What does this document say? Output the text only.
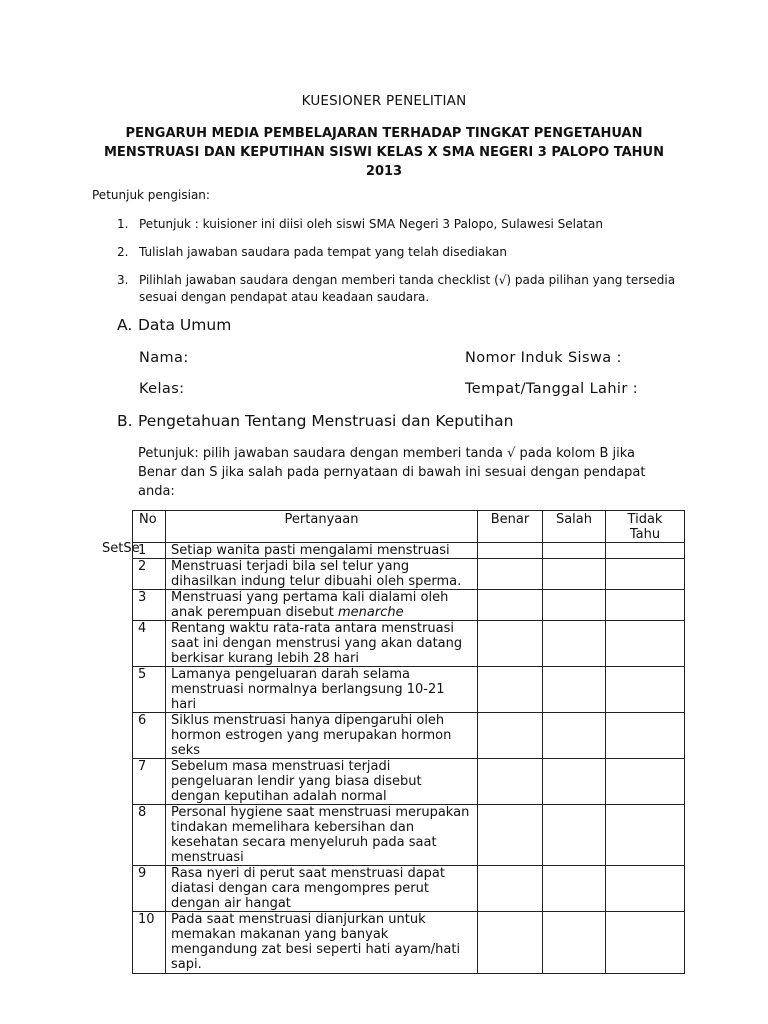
KUESIONER PENELITIAN
PENGARUH MEDIA PEMBELAJARAN TERHADAP TINGKAT PENGETAHUAN
MENSTRUASI DAN KEPUTIHAN SISWI KELAS X SMA NEGERI 3 PALOPO TAHUN
2013
Petunjuk pengisian:
1. Petunjuk : kuisioner ini diisi oleh siswi SMA Negeri 3 Palopo, Sulawesi Selatan
2. Tulislah jawaban saudara pada tempat yang telah disediakan
3. Pilihlah jawaban saudara dengan memberi tanda checklist (√) pada pilihan yang tersedia
sesuai dengan pendapat atau keadaan saudara.
A. Data Umum
Nama:	Nomor Induk Siswa :
Kelas:	Tempat/Tanggal Lahir :
B. Pengetahuan Tentang Menstruasi dan Keputihan
Petunjuk: pilih jawaban saudara dengan memberi tanda √ pada kolom B jika
Benar dan S jika salah pada pernyataan di bawah ini sesuai dengan pendapat
anda:
SetSe
No	Pertanyaan	Benar	Salah	Tidak
Tahu

1	Setiap wanita pasti mengalami menstruasi			

2	Menstruasi terjadi bila sel telur yang
dihasilkan indung telur dibuahi oleh sperma.			

3	Menstruasi yang pertama kali dialami oleh
anak perempuan disebut menarche			

4	Rentang waktu rata-rata antara menstruasi
saat ini dengan menstrusi yang akan datang
berkisar kurang lebih 28 hari			

5	Lamanya pengeluaran darah selama
menstruasi normalnya berlangsung 10-21
hari			

6	Siklus menstruasi hanya dipengaruhi oleh
hormon estrogen yang merupakan hormon
seks			

7	Sebelum masa menstruasi terjadi
pengeluaran lendir yang biasa disebut
dengan keputihan adalah normal			

8	Personal hygiene saat menstruasi merupakan
tindakan memelihara kebersihan dan
kesehatan secara menyeluruh pada saat
menstruasi			

9	Rasa nyeri di perut saat menstruasi dapat
diatasi dengan cara mengompres perut
dengan air hangat			

10	Pada saat menstruasi dianjurkan untuk
memakan makanan yang banyak
mengandung zat besi seperti hati ayam/hati
sapi.			
